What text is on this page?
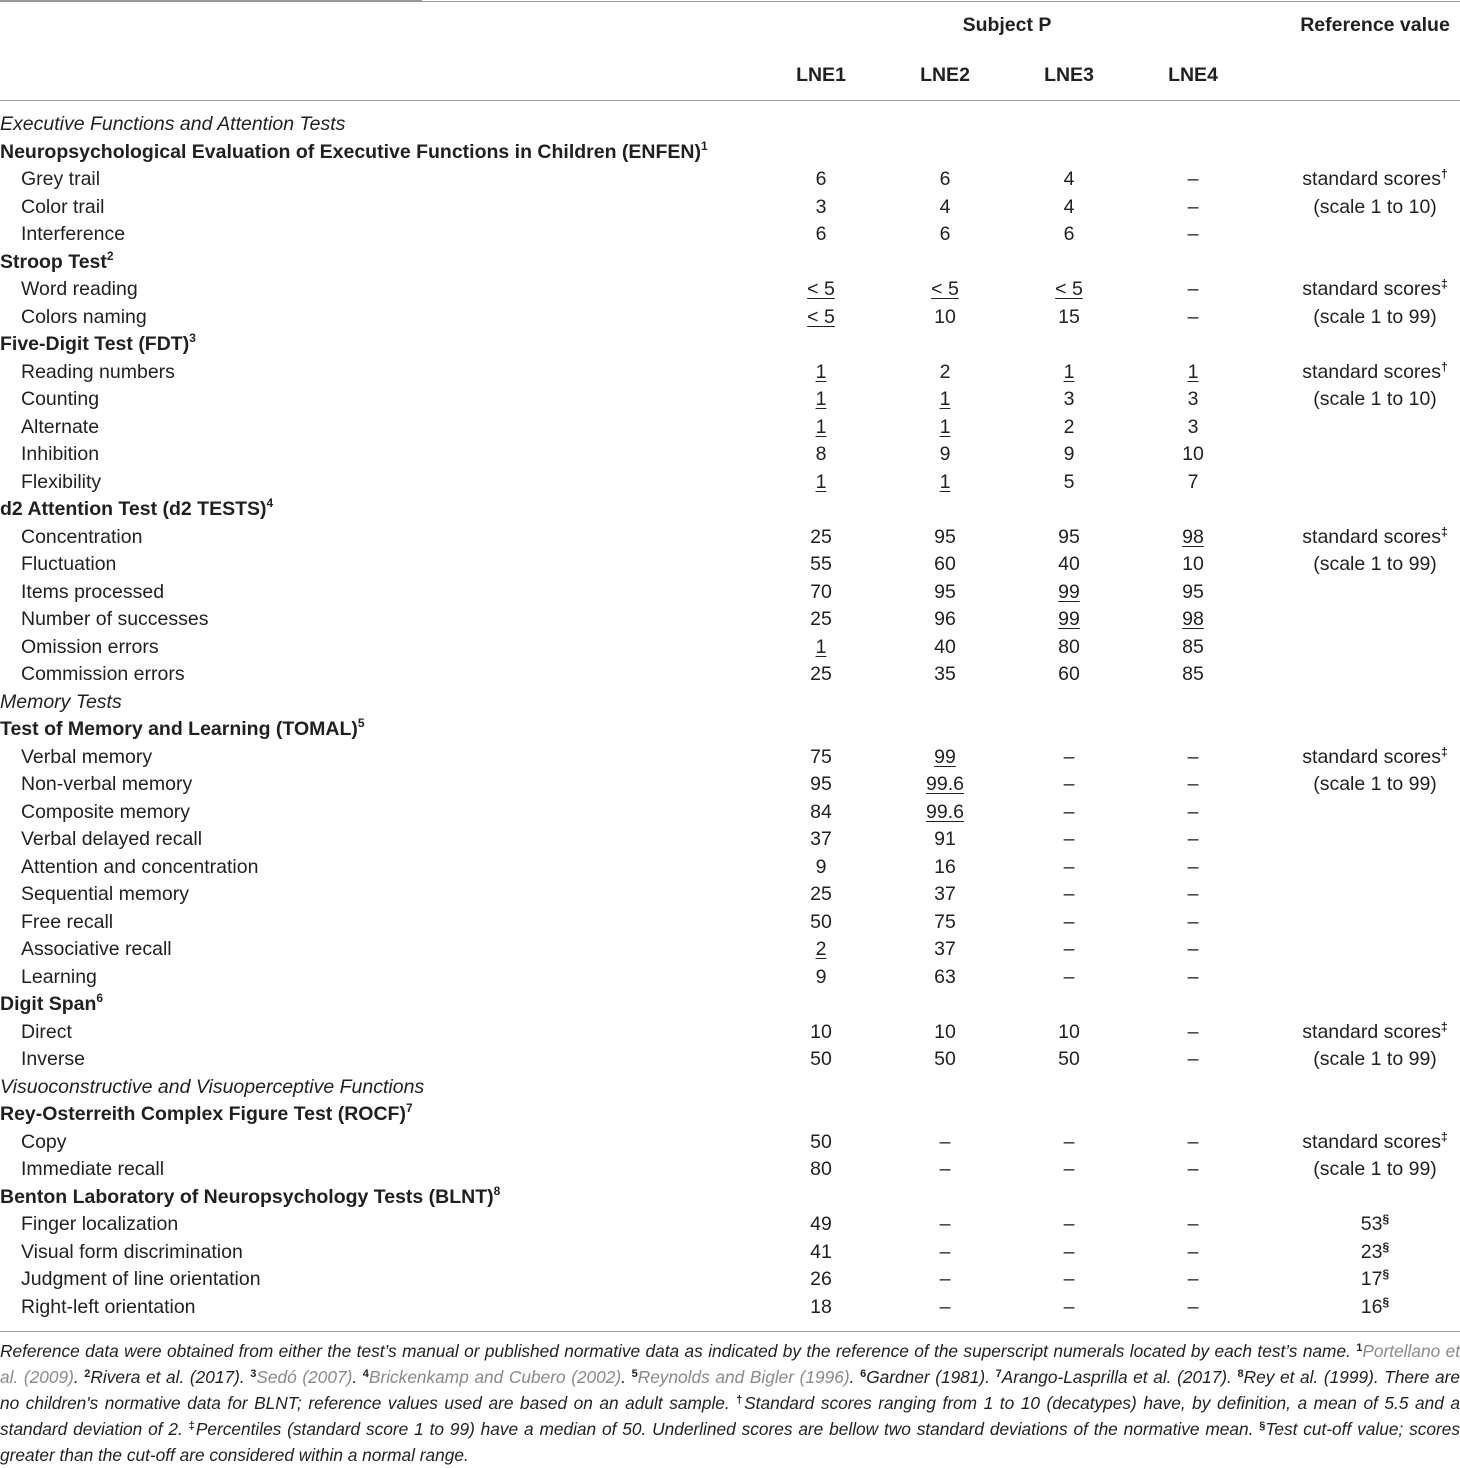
Subject P	Reference value
LNE1	LNE2	LNE3	LNE4
Executive Functions and Attention Tests
Neuropsychological Evaluation of Executive Functions in Children (ENFEN)$^1$
Grey trail	6	6	4	–	standard scores†
Color trail	3	4	4	–	(scale 1 to 10)
Interference	6	6	6	–
Stroop Test$^2$
Word reading	< 5	< 5	< 5	–	standard scores‡
Colors naming	< 5	10	15	–	(scale 1 to 99)
Five-Digit Test (FDT)$^3$
Reading numbers	1	2	1	1	standard scores†
Counting	1	1	3	3	(scale 1 to 10)
Alternate	1	1	2	3
Inhibition	8	9	9	10
Flexibility	1	1	5	7
d2 Attention Test (d2 TESTS)$^4$
Concentration	25	95	95	98	standard scores‡
Fluctuation	55	60	40	10	(scale 1 to 99)
Items processed	70	95	99	95
Number of successes	25	96	99	98
Omission errors	1	40	80	85
Commission errors	25	35	60	85
Memory Tests
Test of Memory and Learning (TOMAL)$^5$
Verbal memory	75	99	–	–	standard scores‡
Non-verbal memory	95	99.6	–	–	(scale 1 to 99)
Composite memory	84	99.6	–	–
Verbal delayed recall	37	91	–	–
Attention and concentration	9	16	–	–
Sequential memory	25	37	–	–
Free recall	50	75	–	–
Associative recall	2	37	–	–
Learning	9	63	–	–
Digit Span$^6$
Direct	10	10	10	–	standard scores‡
Inverse	50	50	50	–	(scale 1 to 99)
Visuoconstructive and Visuoperceptive Functions
Rey-Osterreith Complex Figure Test (ROCF)$^7$
Copy	50	–	–	–	standard scores‡
Immediate recall	80	–	–	–	(scale 1 to 99)
Benton Laboratory of Neuropsychology Tests (BLNT)$^8$
Finger localization	49	–	–	–	53§
Visual form discrimination	41	–	–	–	23§
Judgment of line orientation	26	–	–	–	17§
Right-left orientation	18	–	–	–	16§
Reference data were obtained from either the test’s manual or published normative data as indicated by the reference of the superscript numerals located by each test’s name. $^1$Portellano et al. (2009). $^2$Rivera et al. (2017). $^3$Sedó (2007). $^4$Brickenkamp and Cubero (2002). $^5$Reynolds and Bigler (1996). $^6$Gardner (1981). $^7$Arango-Lasprilla et al. (2017). $^8$Rey et al. (1999). There are no children's normative data for BLNT; reference values used are based on an adult sample. †Standard scores ranging from 1 to 10 (decatypes) have, by definition, a mean of 5.5 and a standard deviation of 2. ‡Percentiles (standard score 1 to 99) have a median of 50. Underlined scores are bellow two standard deviations of the normative mean. §Test cut-off value; scores greater than the cut-off are considered within a normal range.
